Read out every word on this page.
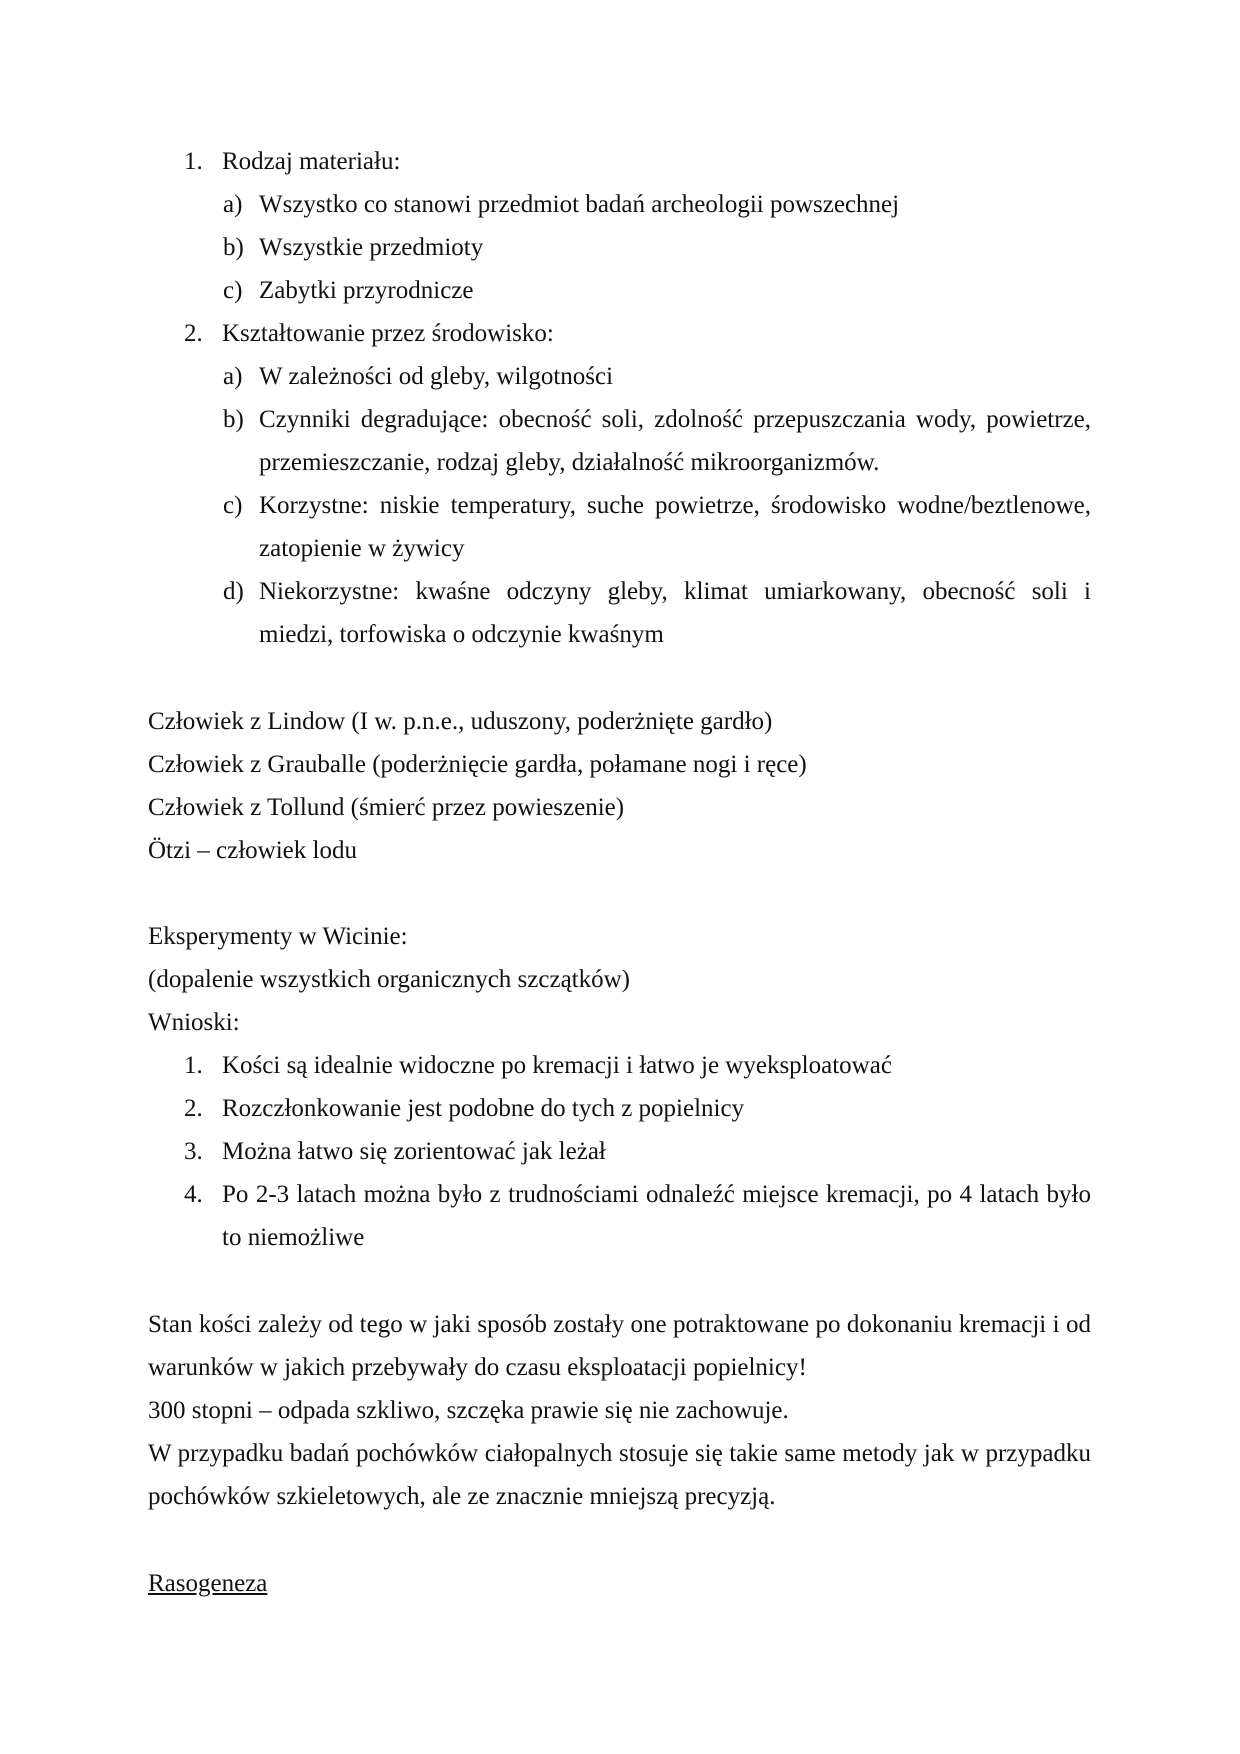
1. Rodzaj materiału:
a) Wszystko co stanowi przedmiot badań archeologii powszechnej
b) Wszystkie przedmioty
c) Zabytki przyrodnicze
2. Kształtowanie przez środowisko:
a) W zależności od gleby, wilgotności
b) Czynniki degradujące: obecność soli, zdolność przepuszczania wody, powietrze,
przemieszczanie, rodzaj gleby, działalność mikroorganizmów.
c) Korzystne: niskie temperatury, suche powietrze, środowisko wodne/beztlenowe,
zatopienie w żywicy
d) Niekorzystne: kwaśne odczyny gleby, klimat umiarkowany, obecność soli i
miedzi, torfowiska o odczynie kwaśnym
Człowiek z Lindow (I w. p.n.e., uduszony, poderżnięte gardło)
Człowiek z Grauballe (poderżnięcie gardła, połamane nogi i ręce)
Człowiek z Tollund (śmierć przez powieszenie)
Ötzi – człowiek lodu
Eksperymenty w Wicinie:
(dopalenie wszystkich organicznych szczątków)
Wnioski:
1. Kości są idealnie widoczne po kremacji i łatwo je wyeksploatować
2. Rozczłonkowanie jest podobne do tych z popielnicy
3. Można łatwo się zorientować jak leżał
4. Po 2-3 latach można było z trudnościami odnaleźć miejsce kremacji, po 4 latach było
to niemożliwe
Stan kości zależy od tego w jaki sposób zostały one potraktowane po dokonaniu kremacji i od
warunków w jakich przebywały do czasu eksploatacji popielnicy!
300 stopni – odpada szkliwo, szczęka prawie się nie zachowuje.
W przypadku badań pochówków ciałopalnych stosuje się takie same metody jak w przypadku
pochówków szkieletowych, ale ze znacznie mniejszą precyzją.
Rasogeneza
